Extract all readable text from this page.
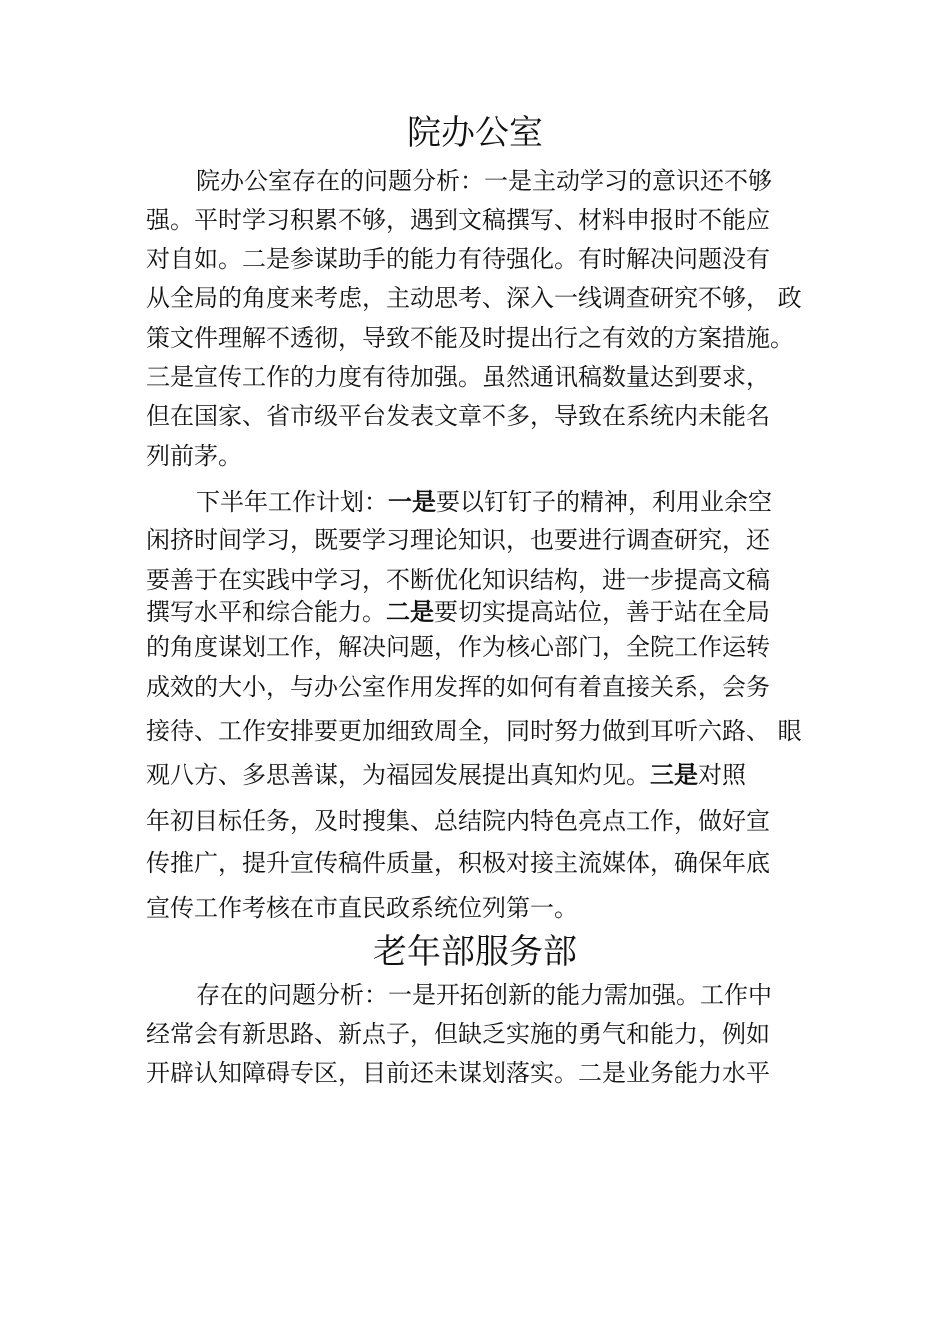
院办公室
院办公室存在的问题分析：一是主动学习的意识还不够
强。平时学习积累不够，遇到文稿撰写、材料申报时不能应
对自如。二是参谋助手的能力有待强化。有时解决问题没有
从全局的角度来考虑，主动思考、深入一线调查研究不够， 政
策文件理解不透彻，导致不能及时提出行之有效的方案措施。
三是宣传工作的力度有待加强。虽然通讯稿数量达到要求，
但在国家、省市级平台发表文章不多，导致在系统内未能名
列前茅。
下半年工作计划：一是要以钉钉子的精神，利用业余空
闲挤时间学习，既要学习理论知识，也要进行调查研究，还
要善于在实践中学习，不断优化知识结构，进一步提高文稿
撰写水平和综合能力。二是要切实提高站位，善于站在全局
的角度谋划工作，解决问题，作为核心部门，全院工作运转
成效的大小，与办公室作用发挥的如何有着直接关系，会务
接待、工作安排要更加细致周全，同时努力做到耳听六路、 眼
观八方、多思善谋，为福园发展提出真知灼见。三是对照
年初目标任务，及时搜集、总结院内特色亮点工作，做好宣
传推广，提升宣传稿件质量，积极对接主流媒体，确保年底
宣传工作考核在市直民政系统位列第一。
老年部服务部
存在的问题分析：一是开拓创新的能力需加强。工作中
经常会有新思路、新点子，但缺乏实施的勇气和能力，例如
开辟认知障碍专区，目前还未谋划落实。二是业务能力水平
